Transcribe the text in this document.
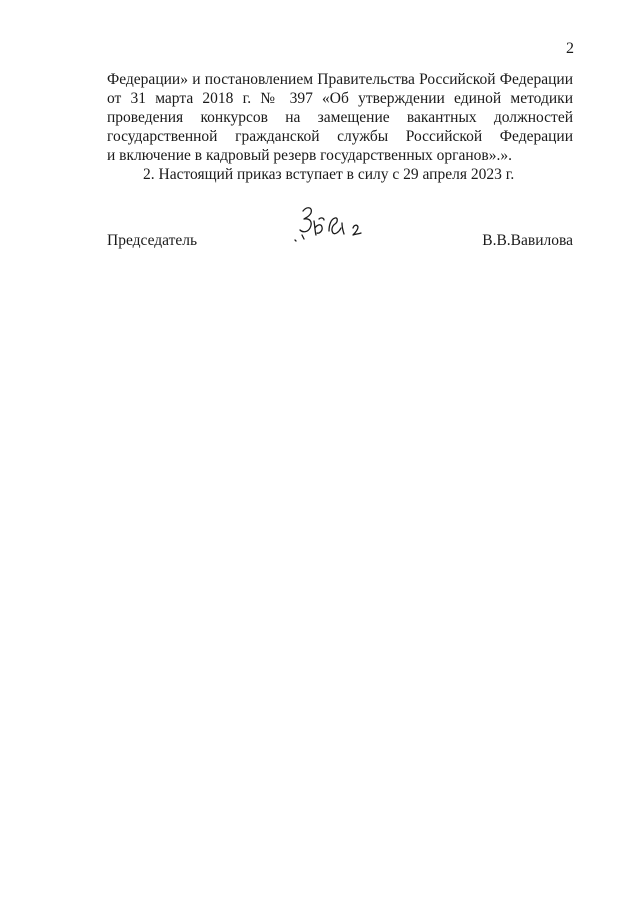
2
Федерации» и постановлением Правительства Российской Федерации
от 31 марта 2018 г. № 397 «Об утверждении единой методики
проведения конкурсов на замещение вакантных должностей
государственной гражданской службы Российской Федерации
и включение в кадровый резерв государственных органов».».
2. Настоящий приказ вступает в силу с 29 апреля 2023 г.
Председатель	В.В.Вавилова
